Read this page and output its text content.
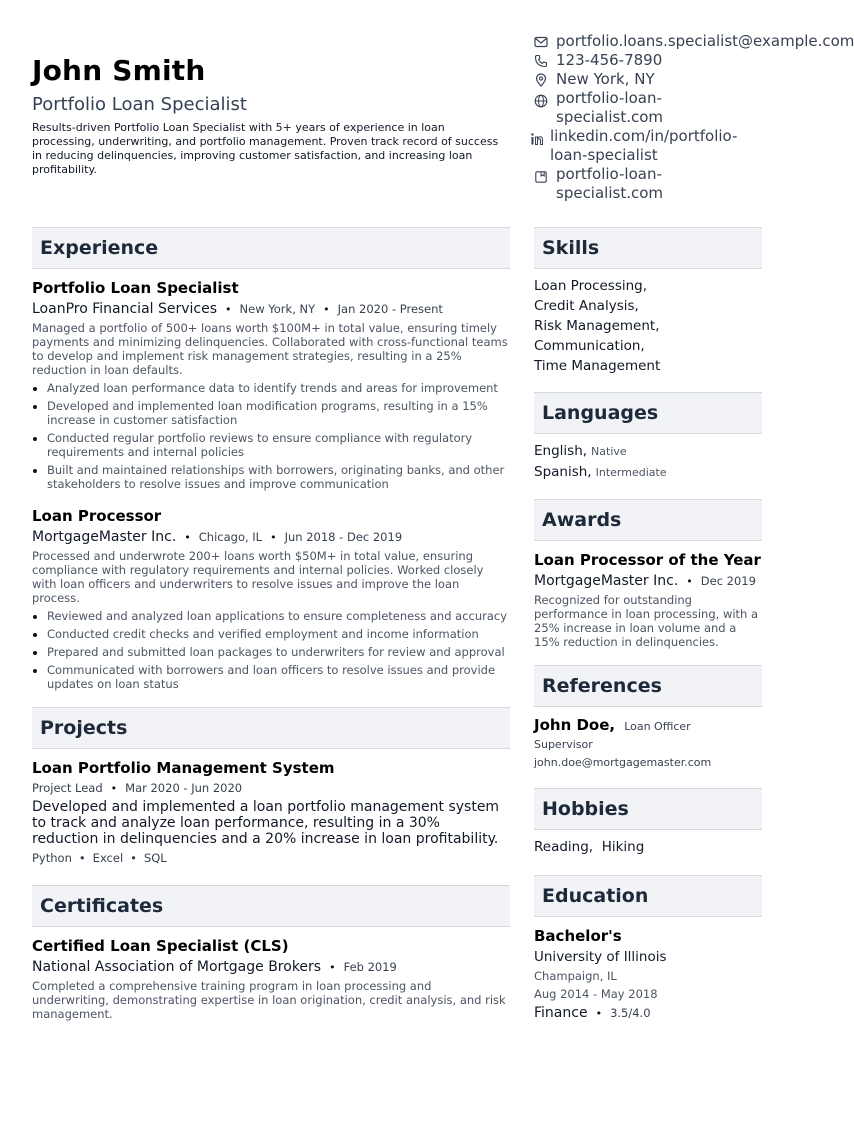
John Smith
Portfolio Loan Specialist
Results-driven Portfolio Loan Specialist with 5+ years of experience in loan processing, underwriting, and portfolio management. Proven track record of success in reducing delinquencies, improving customer satisfaction, and increasing loan profitability.
portfolio.loans.specialist@example.com
123-456-7890
New York, NY
portfolio-loan-specialist.com
linkedin.com/in/portfolio-loan-specialist
portfolio-loan-specialist.com
Experience
Portfolio Loan Specialist
LoanPro Financial Services • New York, NY • Jan 2020 - Present
Managed a portfolio of 500+ loans worth $100M+ in total value, ensuring timely payments and minimizing delinquencies. Collaborated with cross-functional teams to develop and implement risk management strategies, resulting in a 25% reduction in loan defaults.
• Analyzed loan performance data to identify trends and areas for improvement
• Developed and implemented loan modification programs, resulting in a 15% increase in customer satisfaction
• Conducted regular portfolio reviews to ensure compliance with regulatory requirements and internal policies
• Built and maintained relationships with borrowers, originating banks, and other stakeholders to resolve issues and improve communication
Loan Processor
MortgageMaster Inc. • Chicago, IL • Jun 2018 - Dec 2019
Processed and underwrote 200+ loans worth $50M+ in total value, ensuring compliance with regulatory requirements and internal policies. Worked closely with loan officers and underwriters to resolve issues and improve the loan process.
• Reviewed and analyzed loan applications to ensure completeness and accuracy
• Conducted credit checks and verified employment and income information
• Prepared and submitted loan packages to underwriters for review and approval
• Communicated with borrowers and loan officers to resolve issues and provide updates on loan status
Projects
Loan Portfolio Management System
Project Lead • Mar 2020 - Jun 2020
Developed and implemented a loan portfolio management system to track and analyze loan performance, resulting in a 30% reduction in delinquencies and a 20% increase in loan profitability.
Python • Excel • SQL
Certificates
Certified Loan Specialist (CLS)
National Association of Mortgage Brokers • Feb 2019
Completed a comprehensive training program in loan processing and underwriting, demonstrating expertise in loan origination, credit analysis, and risk management.
Skills
Loan Processing,
Credit Analysis,
Risk Management,
Communication,
Time Management
Languages
English, Native
Spanish, Intermediate
Awards
Loan Processor of the Year
MortgageMaster Inc. • Dec 2019
Recognized for outstanding performance in loan processing, with a 25% increase in loan volume and a 15% reduction in delinquencies.
References
John Doe, Loan Officer
Supervisor
john.doe@mortgagemaster.com
Hobbies
Reading, Hiking
Education
Bachelor's
University of Illinois
Champaign, IL
Aug 2014 - May 2018
Finance • 3.5/4.0
